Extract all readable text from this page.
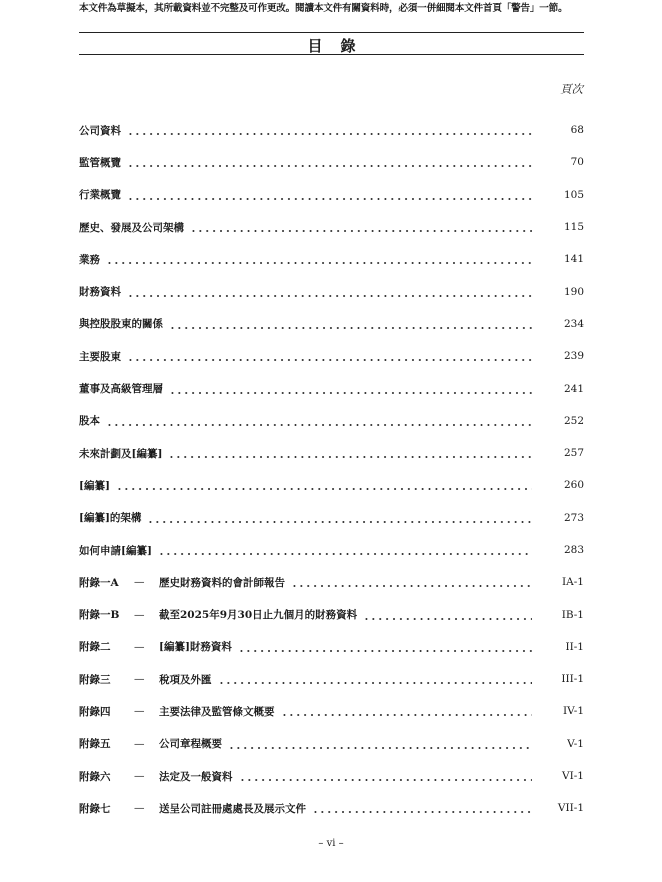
本文件為草擬本，其所載資料並不完整及可作更改。閱讀本文件有關資料時，必須一併細閱本文件首頁「警告」一節。
目錄
頁次
公司資料	68
監管概覽	70
行業概覽	105
歷史、發展及公司架構	115
業務	141
財務資料	190
與控股股東的關係	234
主要股東	239
董事及高級管理層	241
股本	252
未來計劃及[編纂]	257
[編纂]	260
[編纂]的架構	273
如何申請[編纂]	283
附錄一A	—	歷史財務資料的會計師報告	IA-1
附錄一B	—	截至2025年9月30日止九個月的財務資料	IB-1
附錄二	—	[編纂]財務資料	II-1
附錄三	—	稅項及外匯	III-1
附錄四	—	主要法律及監管條文概要	IV-1
附錄五	—	公司章程概要	V-1
附錄六	—	法定及一般資料	VI-1
附錄七	—	送呈公司註冊處處長及展示文件	VII-1
– vi –
